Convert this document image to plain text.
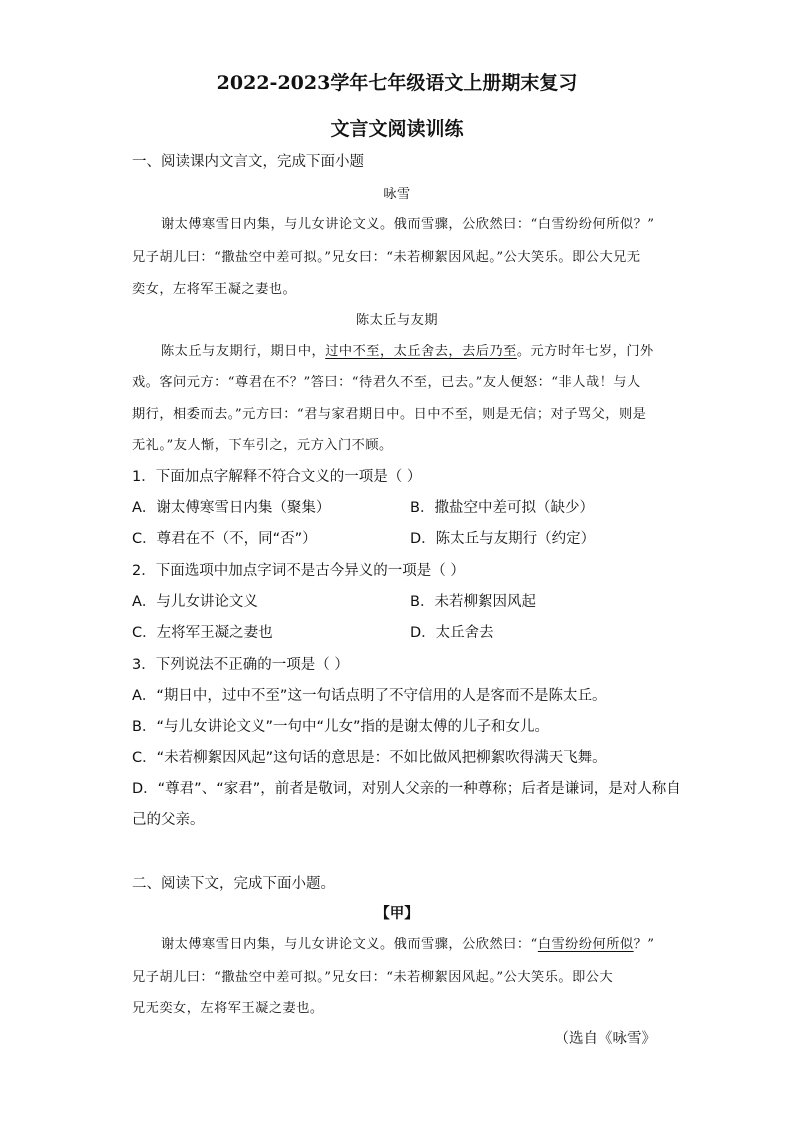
2022-2023学年七年级语文上册期末复习
文言文阅读训练
一、阅读课内文言文，完成下面小题
咏雪
谢太傅寒雪日内集，与儿女讲论文义。俄而雪骤，公欣然曰：“白雪纷纷何所似？”
兄子胡儿曰：“撒盐空中差可拟。”兄女曰：“未若柳絮因风起。”公大笑乐。即公大兄无
奕女，左将军王凝之妻也。
陈太丘与友期
陈太丘与友期行，期日中，过中不至，太丘舍去，去后乃至。元方时年七岁，门外
戏。客问元方：“尊君在不？”答曰：“待君久不至，已去。”友人便怒：“非人哉！与人
期行，相委而去。”元方曰：“君与家君期日中。日中不至，则是无信；对子骂父，则是
无礼。”友人惭，下车引之，元方入门不顾。
1．下面加点字解释不符合文义的一项是（ ）
A．谢太傅寒雪日内集（聚集）	B．撒盐空中差可拟（缺少）
C．尊君在不（不，同“否”）	D．陈太丘与友期行（约定）
2．下面选项中加点字词不是古今异义的一项是（ ）
A．与儿女讲论文义	B．未若柳絮因风起
C．左将军王凝之妻也	D．太丘舍去
3．下列说法不正确的一项是（ ）
A．“期日中，过中不至”这一句话点明了不守信用的人是客而不是陈太丘。
B．“与儿女讲论文义”一句中“儿女”指的是谢太傅的儿子和女儿。
C．“未若柳絮因风起”这句话的意思是：不如比做风把柳絮吹得满天飞舞。
D．“尊君”、“家君”，前者是敬词，对别人父亲的一种尊称；后者是谦词，是对人称自
己的父亲。
二、阅读下文，完成下面小题。
【甲】
谢太傅寒雪日内集，与儿女讲论文义。俄而雪骤，公欣然曰：“白雪纷纷何所似？”
兄子胡儿曰：“撒盐空中差可拟。”兄女曰：“未若柳絮因风起。”公大笑乐。即公大
兄无奕女，左将军王凝之妻也。
（选自《咏雪》
